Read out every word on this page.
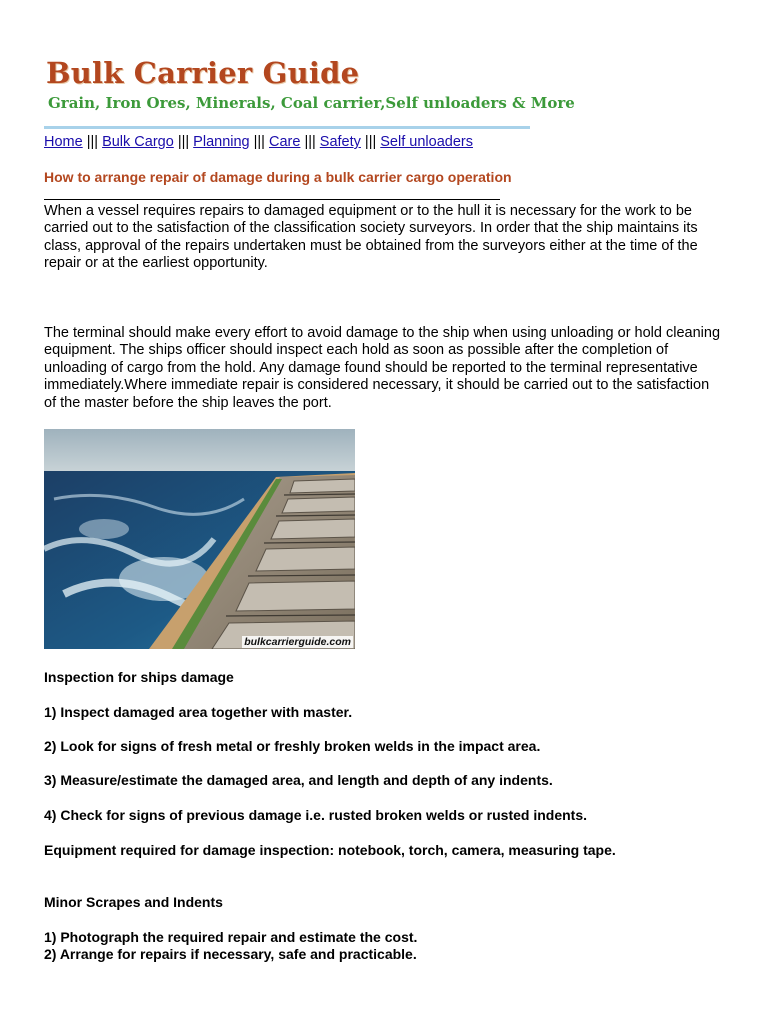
Bulk Carrier Guide
Grain, Iron Ores, Minerals, Coal carrier,Self unloaders & More
Home ||| Bulk Cargo ||| Planning ||| Care ||| Safety ||| Self unloaders
How to arrange repair of damage during a bulk carrier cargo operation

When a vessel requires repairs to damaged equipment or to the hull it is necessary for the work to be carried out to the satisfaction of the classification society surveyors. In order that the ship maintains its class, approval of the repairs undertaken must be obtained from the surveyors either at the time of the repair or at the earliest opportunity.

The terminal should make every effort to avoid damage to the ship when using unloading or hold cleaning equipment. The ships officer should inspect each hold as soon as possible after the completion of unloading of cargo from the hold. Any damage found should be reported to the terminal representative immediately.Where immediate repair is considered necessary, it should be carried out to the satisfaction of the master before the ship leaves the port.

bulkcarrierguide.com

Inspection for ships damage

1) Inspect damaged area together with master.

2) Look for signs of fresh metal or freshly broken welds in the impact area.

3) Measure/estimate the damaged area, and length and depth of any indents.

4) Check for signs of previous damage i.e. rusted broken welds or rusted indents.

Equipment required for damage inspection: notebook, torch, camera, measuring tape.

Minor Scrapes and Indents

1) Photograph the required repair and estimate the cost.

2) Arrange for repairs if necessary, safe and practicable.
